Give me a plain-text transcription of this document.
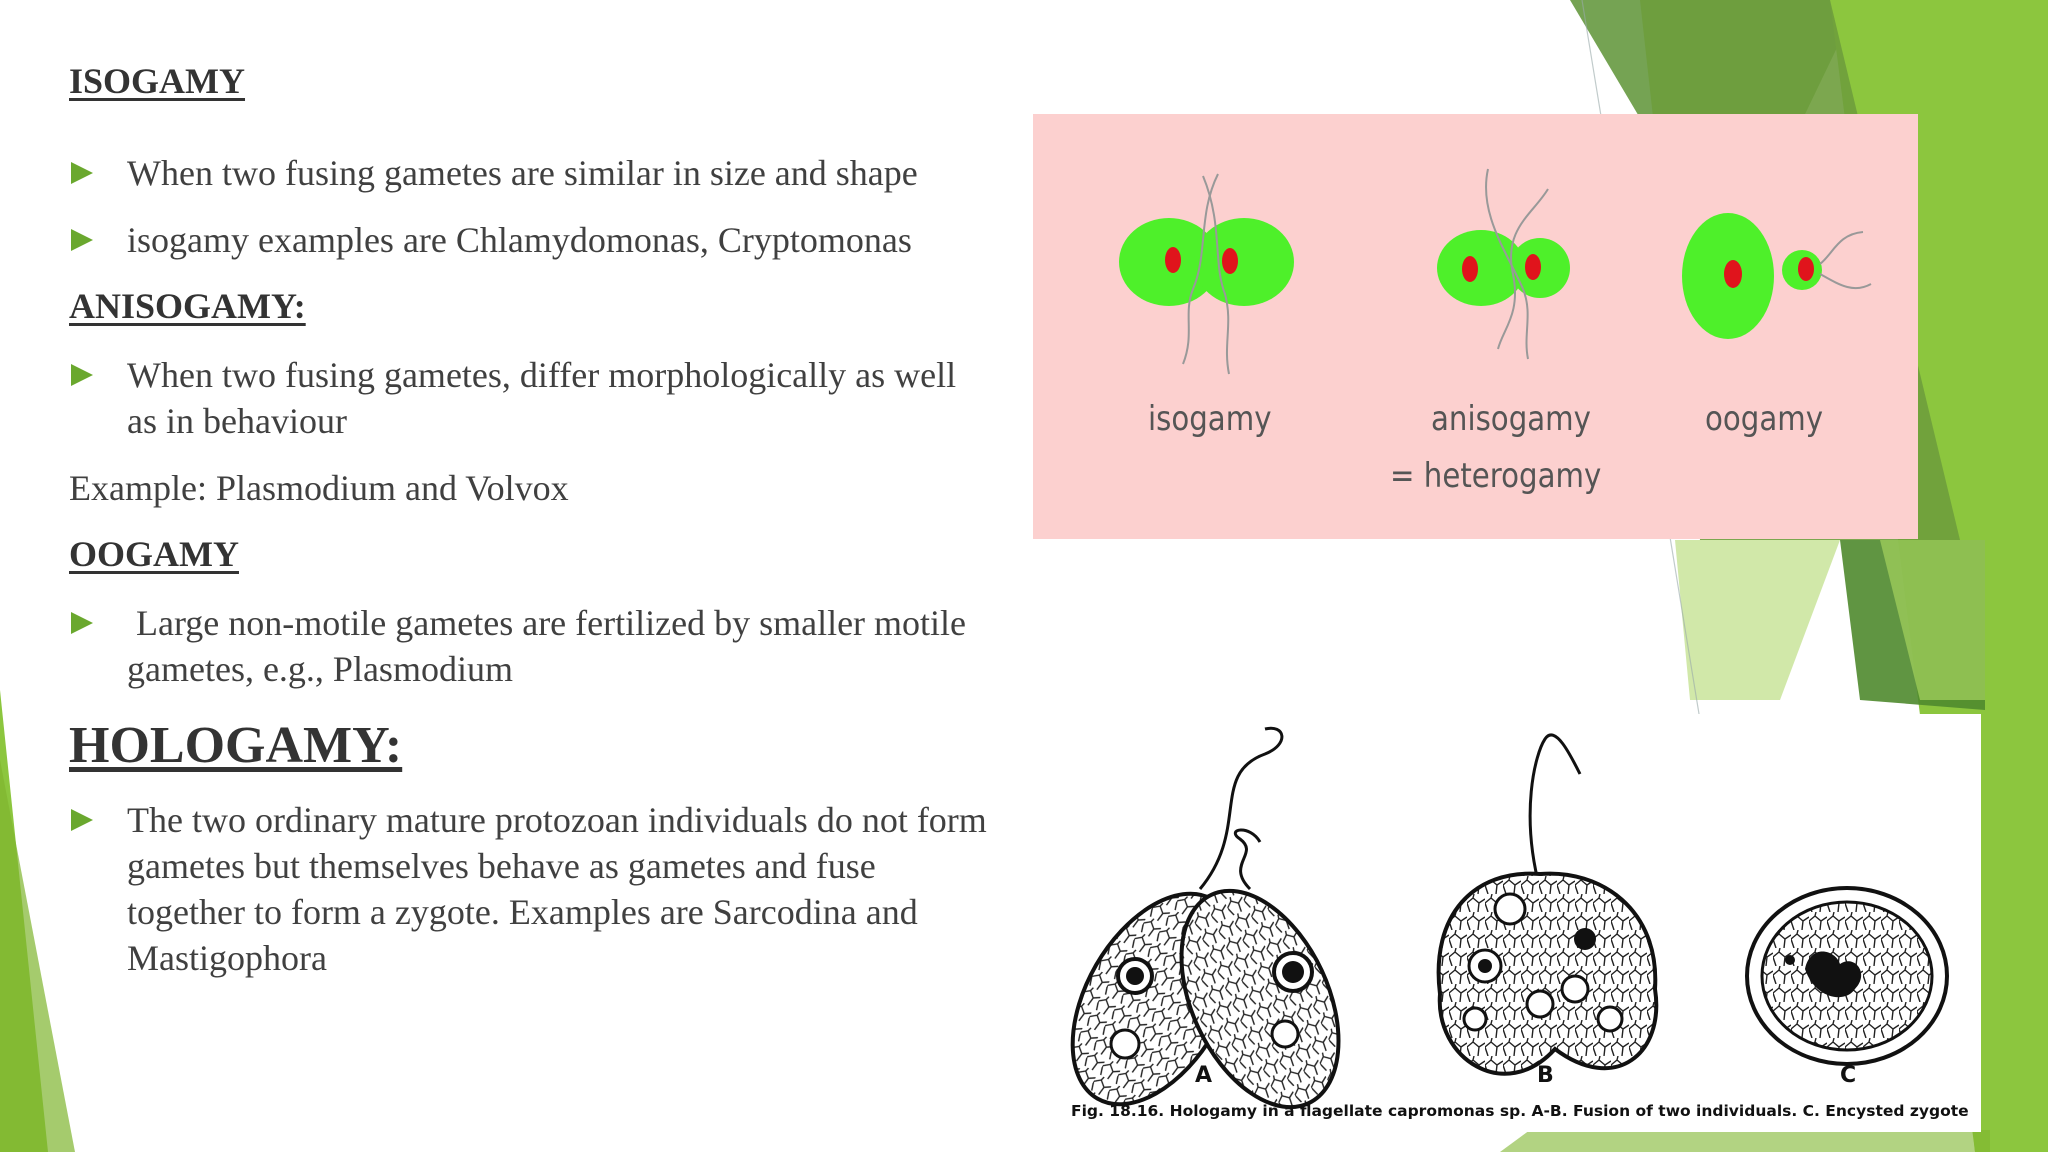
ISOGAMY
When two fusing gametes are similar in size and shape
isogamy examples are Chlamydomonas, Cryptomonas
ANISOGAMY:
When two fusing gametes, differ morphologically as well as in behaviour
Example: Plasmodium and Volvox
OOGAMY
Large non-motile gametes are fertilized by smaller motile gametes, e.g., Plasmodium
HOLOGAMY:
The two ordinary mature protozoan individuals do not form gametes but themselves behave as gametes and fuse together to form a zygote. Examples are Sarcodina and Mastigophora
isogamy	anisogamy
= heterogamy
oogamy
A	B	C
Fig. 18.16. Hologamy in a flagellate capromonas sp. A-B. Fusion of two individuals. C. Encysted zygote
